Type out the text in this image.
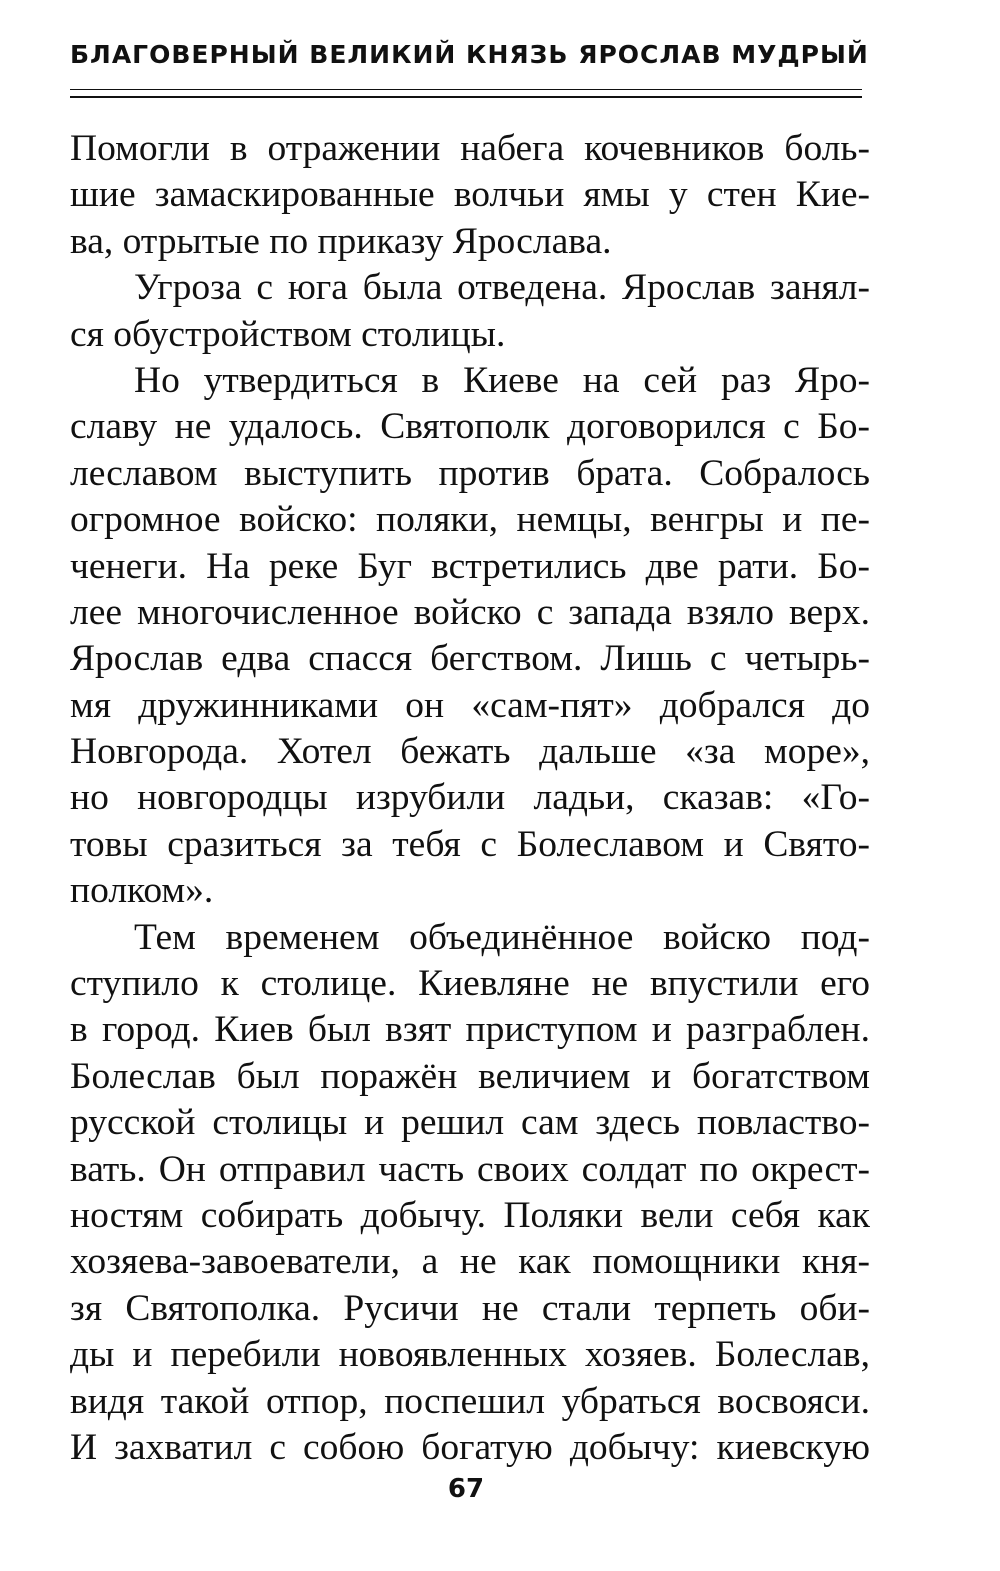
БЛАГОВЕРНЫЙ ВЕЛИКИЙ КНЯЗЬ ЯРОСЛАВ МУДРЫЙ
Помогли в отражении набега кочевников боль-
шие замаскированные волчьи ямы у стен Кие-
ва, отрытые по приказу Ярослава.
Угроза с юга была отведена. Ярослав занял-
ся обустройством столицы.
Но утвердиться в Киеве на сей раз Яро-
славу не удалось. Святополк договорился с Бо-
леславом выступить против брата. Собралось
огромное войско: поляки, немцы, венгры и пе-
ченеги. На реке Буг встретились две рати. Бо-
лее многочисленное войско с запада взяло верх.
Ярослав едва спасся бегством. Лишь с четырь-
мя дружинниками он «сам-пят» добрался до
Новгорода. Хотел бежать дальше «за море»,
но новгородцы изрубили ладьи, сказав: «Го-
товы сразиться за тебя с Болеславом и Свято-
полком».
Тем временем объединённое войско под-
ступило к столице. Киевляне не впустили его
в город. Киев был взят приступом и разграблен.
Болеслав был поражён величием и богатством
русской столицы и решил сам здесь повластво-
вать. Он отправил часть своих солдат по окрест-
ностям собирать добычу. Поляки вели себя как
хозяева-завоеватели, а не как помощники кня-
зя Святополка. Русичи не стали терпеть оби-
ды и перебили новоявленных хозяев. Болеслав,
видя такой отпор, поспешил убраться восвояси.
И захватил с собою богатую добычу: киевскую
67
